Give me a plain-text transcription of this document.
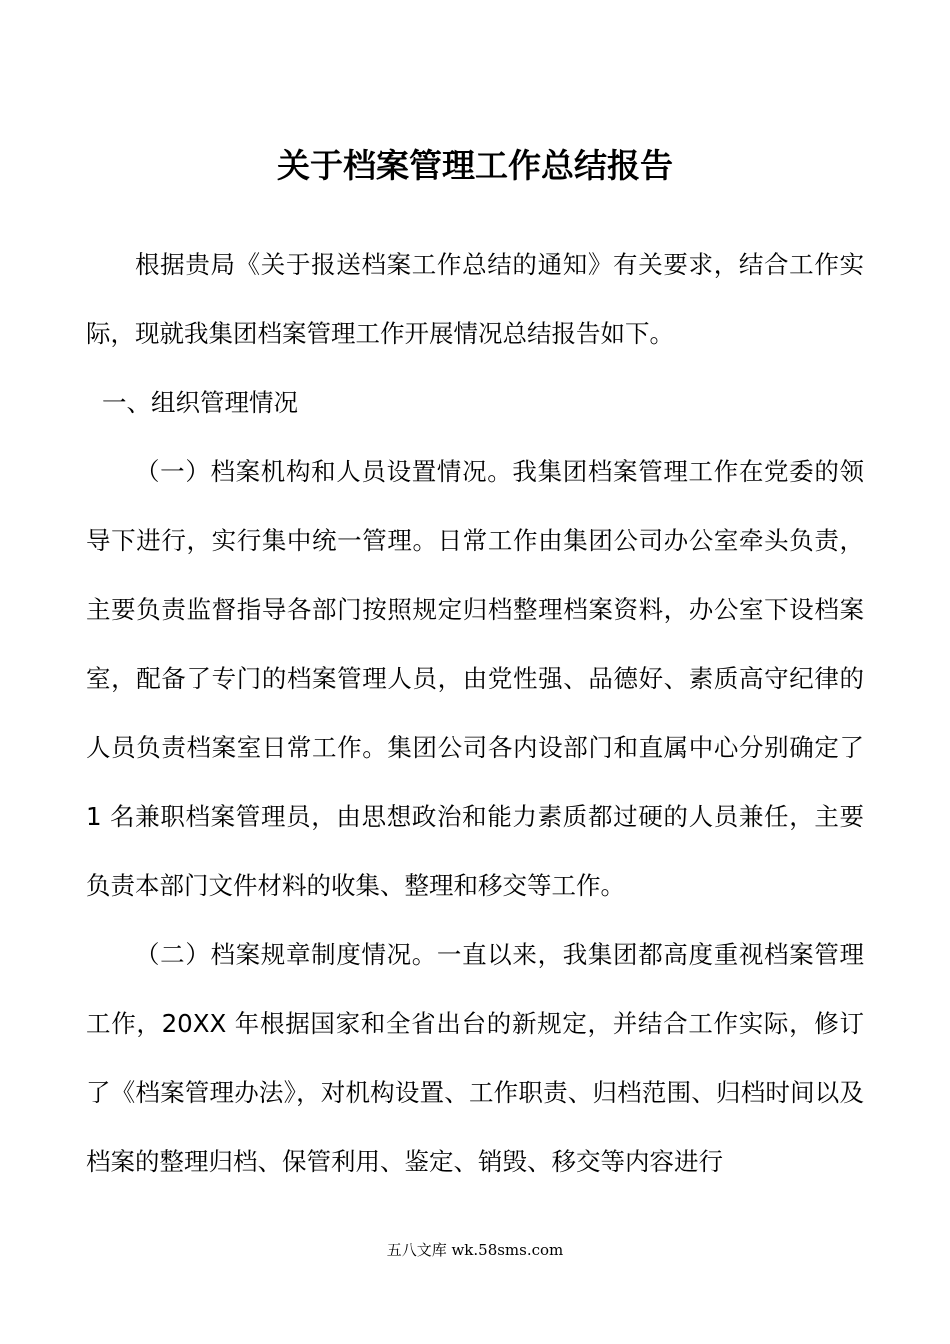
关于档案管理工作总结报告

根据贵局《关于报送档案工作总结的通知》有关要求，结合工作实际，现就我集团档案管理工作开展情况总结报告如下。

一、组织管理情况

（一）档案机构和人员设置情况。我集团档案管理工作在党委的领导下进行，实行集中统一管理。日常工作由集团公司办公室牵头负责，主要负责监督指导各部门按照规定归档整理档案资料，办公室下设档案室，配备了专门的档案管理人员，由党性强、品德好、素质高守纪律的人员负责档案室日常工作。集团公司各内设部门和直属中心分别确定了 1 名兼职档案管理员，由思想政治和能力素质都过硬的人员兼任，主要负责本部门文件材料的收集、整理和移交等工作。

（二）档案规章制度情况。一直以来，我集团都高度重视档案管理工作，20XX 年根据国家和全省出台的新规定，并结合工作实际，修订了《档案管理办法》，对机构设置、工作职责、归档范围、归档时间以及档案的整理归档、保管利用、鉴定、销毁、移交等内容进行

五八文库 wk.58sms.com
